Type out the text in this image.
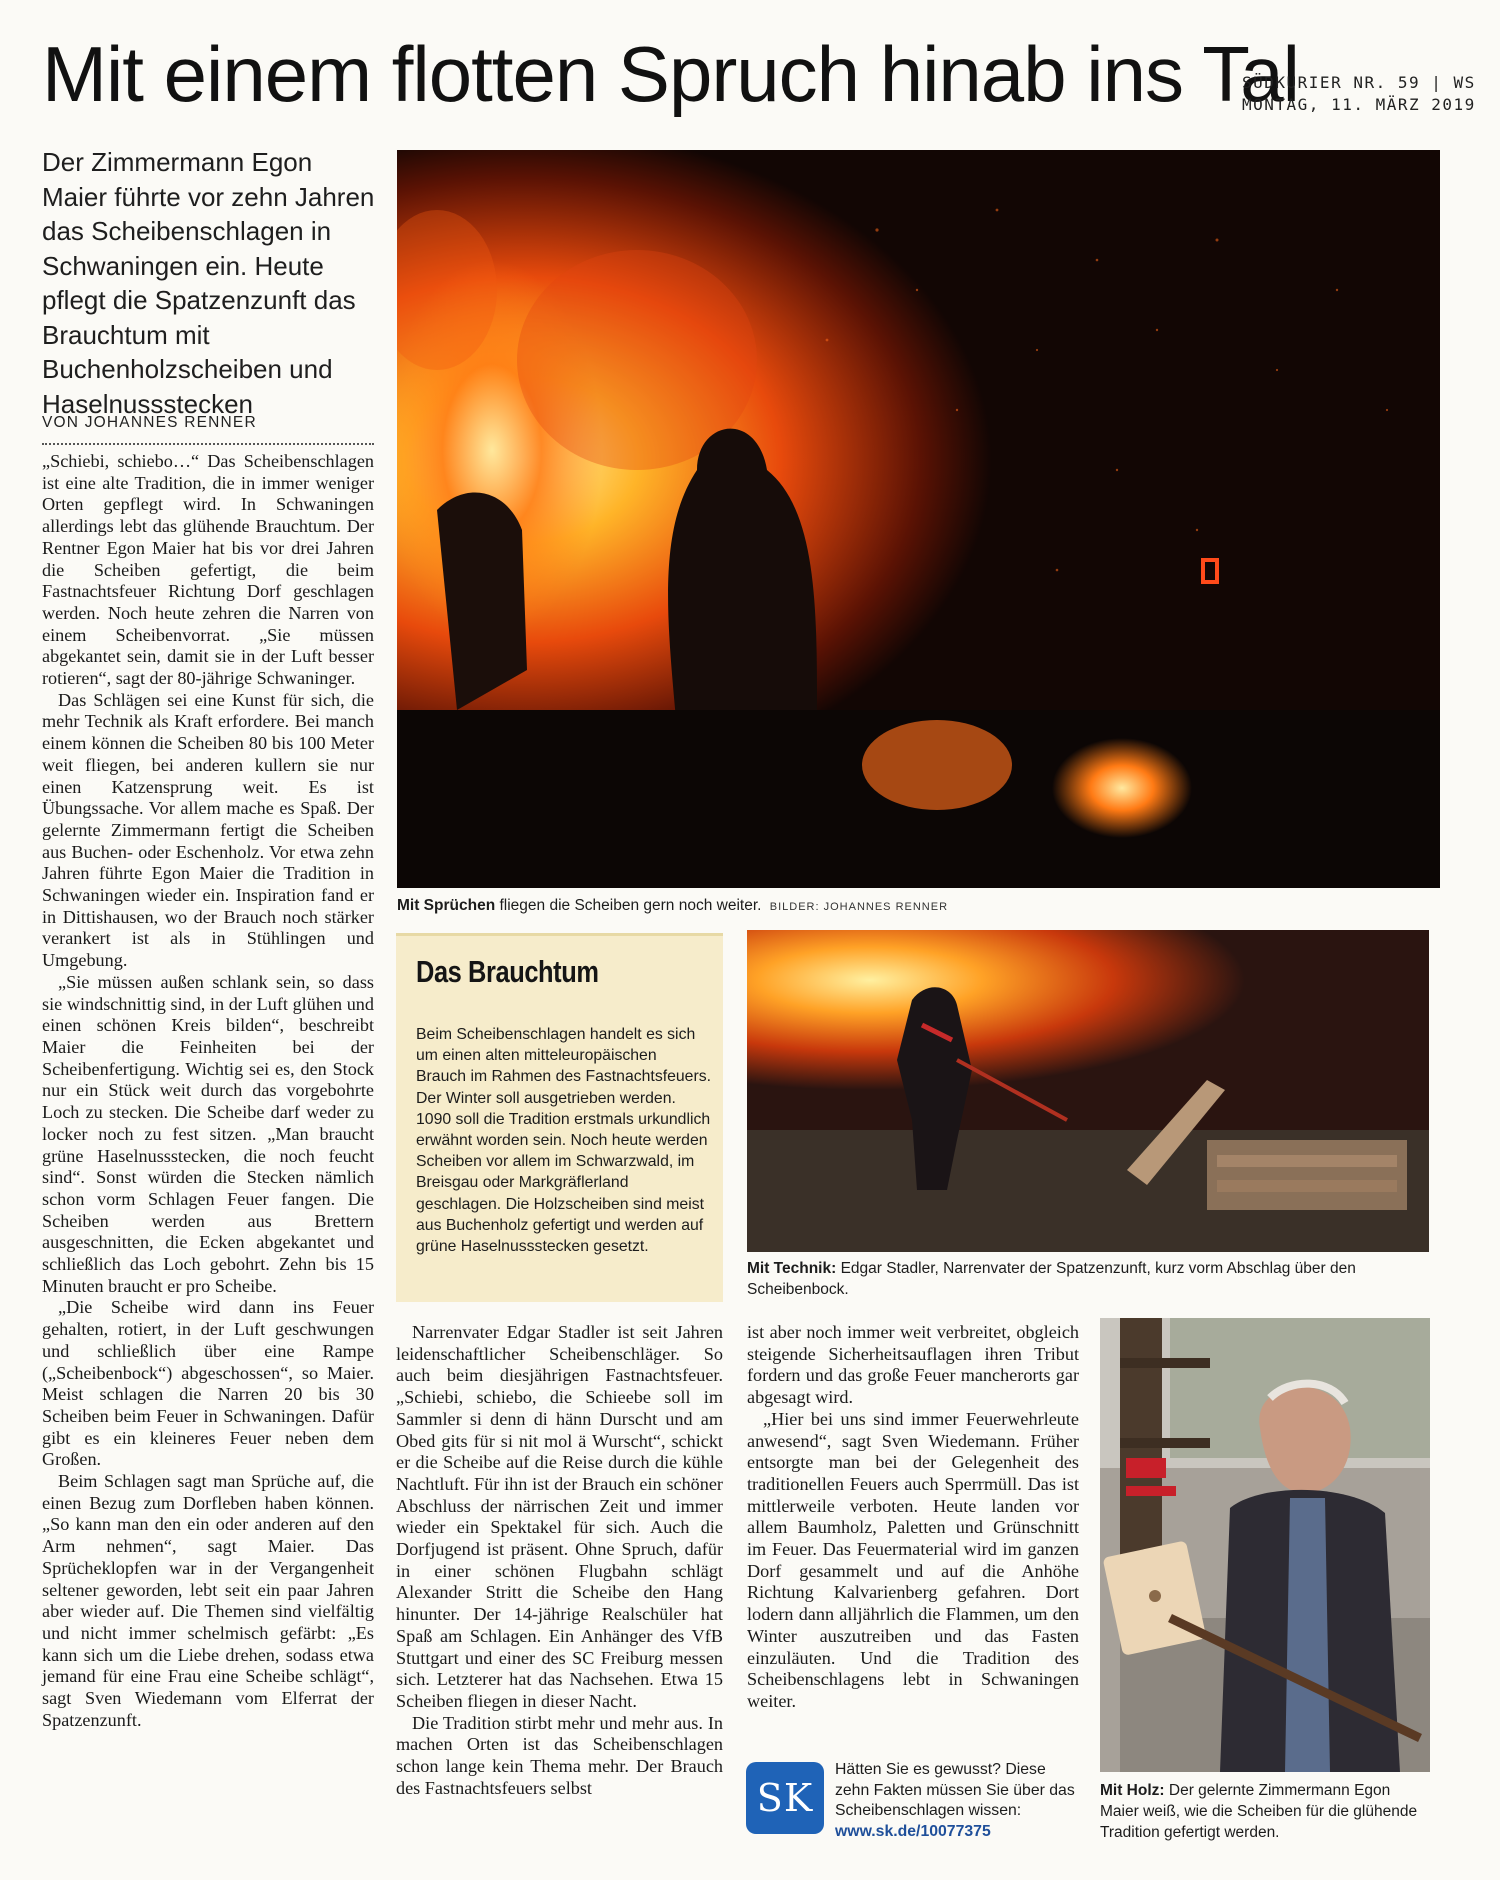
Mit einem flotten Spruch hinab ins Tal
SÜDKURIER NR. 59 | WS
MONTAG, 11. MÄRZ 2019
Der Zimmermann Egon Maier führte vor zehn Jahren das Scheibenschlagen in Schwaningen ein. Heute pflegt die Spatzenzunft das Brauchtum mit Buchenholzscheiben und Haselnussstecken
VON JOHANNES RENNER

„Schiebi, schiebo…“ Das Scheibenschlagen ist eine alte Tradition, die in immer weniger Orten gepflegt wird. In Schwaningen allerdings lebt das glühende Brauchtum. Der Rentner Egon Maier hat bis vor drei Jahren die Scheiben gefertigt, die beim Fastnachtsfeuer Richtung Dorf geschlagen werden. Noch heute zehren die Narren von einem Scheibenvorrat. „Sie müssen abgekantet sein, damit sie in der Luft besser rotieren“, sagt der 80-jährige Schwaninger.

Das Schlägen sei eine Kunst für sich, die mehr Technik als Kraft erfordere. Bei manch einem können die Scheiben 80 bis 100 Meter weit fliegen, bei anderen kullern sie nur einen Katzensprung weit. Es ist Übungssache. Vor allem mache es Spaß. Der gelernte Zimmermann fertigt die Scheiben aus Buchen- oder Eschenholz. Vor etwa zehn Jahren führte Egon Maier die Tradition in Schwaningen wieder ein. Inspiration fand er in Dittishausen, wo der Brauch noch stärker verankert ist als in Stühlingen und Umgebung.

„Sie müssen außen schlank sein, so dass sie windschnittig sind, in der Luft glühen und einen schönen Kreis bilden“, beschreibt Maier die Feinheiten bei der Scheibenfertigung. Wichtig sei es, den Stock nur ein Stück weit durch das vorgebohrte Loch zu stecken. Die Scheibe darf weder zu locker noch zu fest sitzen. „Man braucht grüne Haselnussstecken, die noch feucht sind“. Sonst würden die Stecken nämlich schon vorm Schlagen Feuer fangen. Die Scheiben werden aus Brettern ausgeschnitten, die Ecken abgekantet und schließlich das Loch gebohrt. Zehn bis 15 Minuten braucht er pro Scheibe.

„Die Scheibe wird dann ins Feuer gehalten, rotiert, in der Luft geschwungen und schließlich über eine Rampe („Scheibenbock“) abgeschossen“, so Maier. Meist schlagen die Narren 20 bis 30 Scheiben beim Feuer in Schwaningen. Dafür gibt es ein kleineres Feuer neben dem Großen.

Beim Schlagen sagt man Sprüche auf, die einen Bezug zum Dorfleben haben können. „So kann man den ein oder anderen auf den Arm nehmen“, sagt Maier. Das Sprücheklopfen war in der Vergangenheit seltener geworden, lebt seit ein paar Jahren aber wieder auf. Die Themen sind vielfältig und nicht immer schelmisch gefärbt: „Es kann sich um die Liebe drehen, sodass etwa jemand für eine Frau eine Scheibe schlägt“, sagt Sven Wiedemann vom Elferrat der Spatzenzunft.

Mit Sprüchen fliegen die Scheiben gern noch weiter. BILDER: JOHANNES RENNER
Das Brauchtum
Beim Scheibenschlagen handelt es sich um einen alten mitteleuropäischen Brauch im Rahmen des Fastnachtsfeuers. Der Winter soll ausgetrieben werden. 1090 soll die Tradition erstmals urkundlich erwähnt worden sein. Noch heute werden Scheiben vor allem im Schwarzwald, im Breisgau oder Markgräflerland geschlagen. Die Holzscheiben sind meist aus Buchenholz gefertigt und werden auf grüne Haselnussstecken gesetzt.
Mit Technik: Edgar Stadler, Narrenvater der Spatzenzunft, kurz vorm Abschlag über den Scheibenbock.

Narrenvater Edgar Stadler ist seit Jahren leidenschaftlicher Scheibenschläger. So auch beim diesjährigen Fastnachtsfeuer. „Schiebi, schiebo, die Schieebe soll im Sammler si denn di hänn Durscht und am Obed gits für si nit mol ä Wurscht“, schickt er die Scheibe auf die Reise durch die kühle Nachtluft. Für ihn ist der Brauch ein schöner Abschluss der närrischen Zeit und immer wieder ein Spektakel für sich. Auch die Dorfjugend ist präsent. Ohne Spruch, dafür in einer schönen Flugbahn schlägt Alexander Stritt die Scheibe den Hang hinunter. Der 14-jährige Realschüler hat Spaß am Schlagen. Ein Anhänger des VfB Stuttgart und einer des SC Freiburg messen sich. Letzterer hat das Nachsehen. Etwa 15 Scheiben fliegen in dieser Nacht.

Die Tradition stirbt mehr und mehr aus. In machen Orten ist das Scheibenschlagen schon lange kein Thema mehr. Der Brauch des Fastnachtsfeuers selbst

ist aber noch immer weit verbreitet, obgleich steigende Sicherheitsauflagen ihren Tribut fordern und das große Feuer mancherorts gar abgesagt wird.

„Hier bei uns sind immer Feuerwehrleute anwesend“, sagt Sven Wiedemann. Früher entsorgte man bei der Gelegenheit des traditionellen Feuers auch Sperrmüll. Das ist mittlerweile verboten. Heute landen vor allem Baumholz, Paletten und Grünschnitt im Feuer. Das Feuermaterial wird im ganzen Dorf gesammelt und auf die Anhöhe Richtung Kalvarienberg gefahren. Dort lodern dann alljährlich die Flammen, um den Winter auszutreiben und das Fasten einzuläuten. Und die Tradition des Scheibenschlagens lebt in Schwaningen weiter.

SK
Hätten Sie es gewusst? Diese zehn Fakten müssen Sie über das Scheibenschlagen wissen: www.sk.de/10077375
Mit Holz: Der gelernte Zimmermann Egon Maier weiß, wie die Scheiben für die glühende Tradition gefertigt werden.
